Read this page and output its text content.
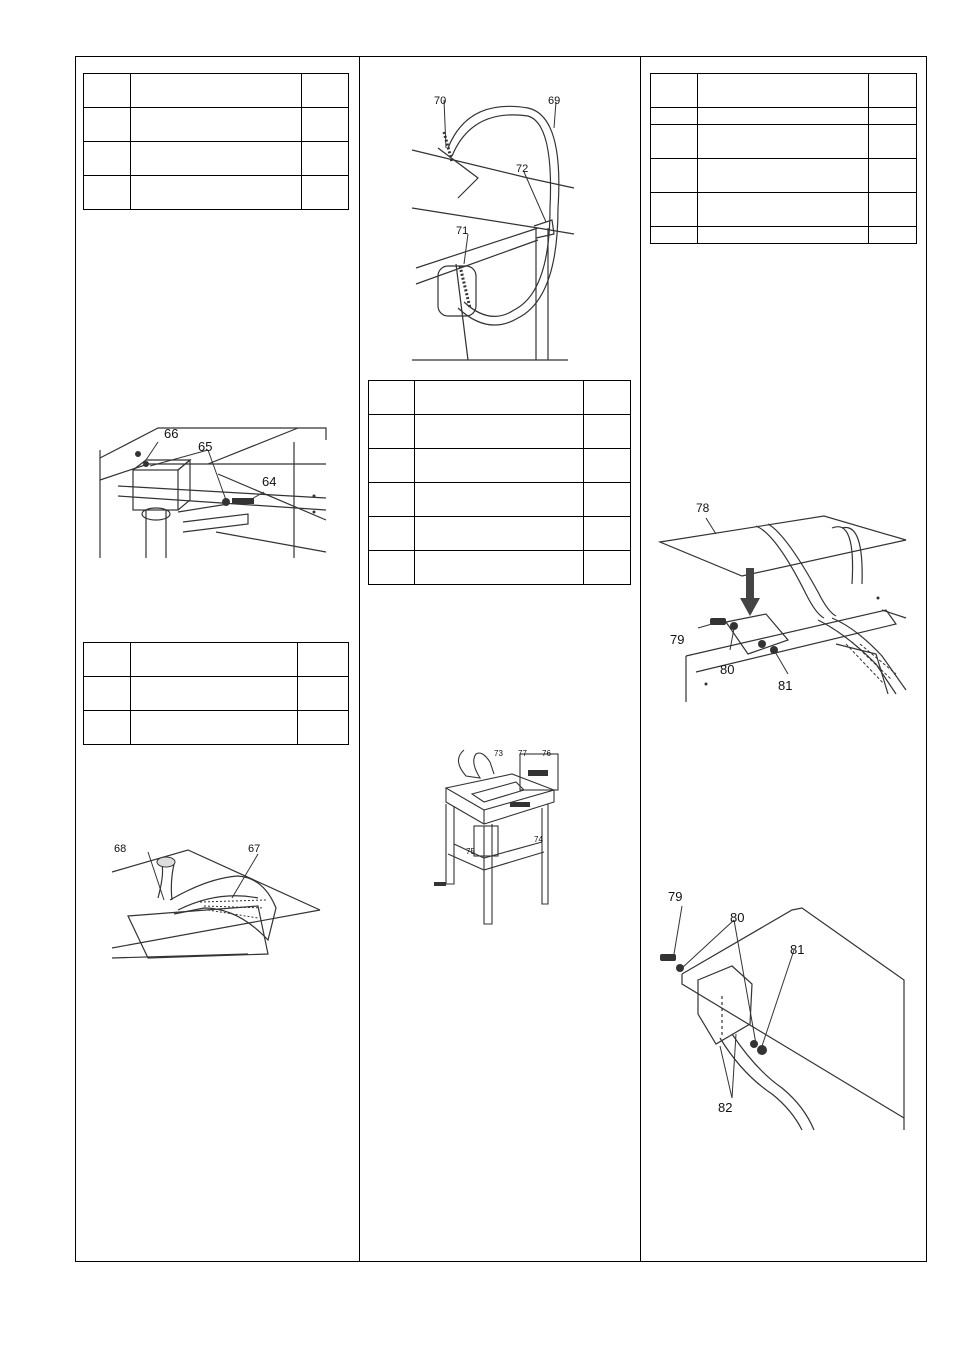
66
65
64

68	67
70	69
72
71

73 77 76
75
74

78
79
80
81
79
80
81
82
